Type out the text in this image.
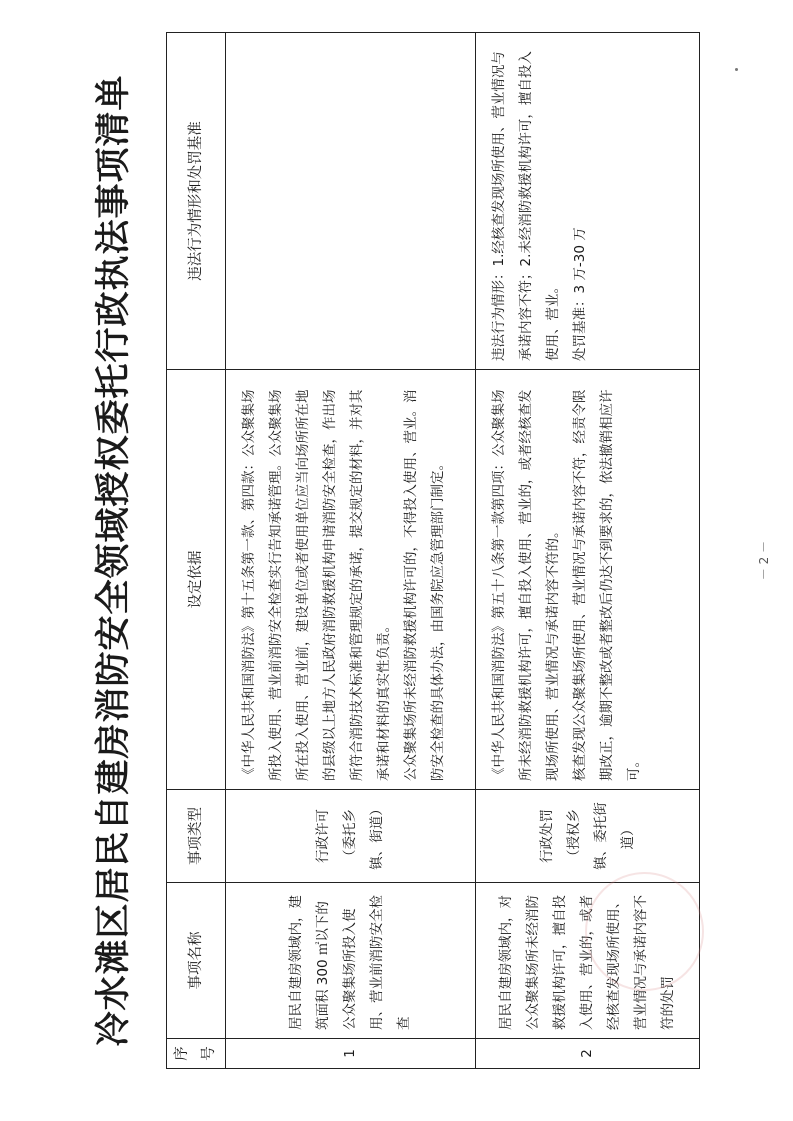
冷水滩区居民自建房消防安全领域授权委托行政执法事项清单
序号	事项名称	事项类型	设定依据	违法行为情形和处罚基准
1	居民自建房领域内，建筑面积 300 ㎡以下的公众聚集场所投入使用、营业前消防安全检查	行政许可（委托乡镇、街道）	《中华人民共和国消防法》第十五条第一款、第四款：公众聚集场所投入使用、营业前消防安全检查实行告知承诺管理。公众聚集场所在投入使用、营业前，建设单位或者使用单位应当向场所所在地的县级以上地方人民政府消防救援机构申请消防安全检查，作出场所符合消防技术标准和管理规定的承诺，提交规定的材料，并对其承诺和材料的真实性负责。
公众聚集场所未经消防救援机构许可的，不得投入使用、营业。消防安全检查的具体办法，由国务院应急管理部门制定。	
2	居民自建房领域内，对公众聚集场所未经消防救援机构许可，擅自投入使用、营业的，或者经核查发现场所使用、营业情况与承诺内容不符的处罚	行政处罚（授权乡镇、委托街道）	《中华人民共和国消防法》第五十八条第一款第四项：公众聚集场所未经消防救援机构许可，擅自投入使用、营业的，或者经核查发现场所使用、营业情况与承诺内容不符的。
核查发现公众聚集场所使用、营业情况与承诺内容不符，经责令限期改正，逾期不整改或者整改后仍达不到要求的，依法撤销相应许可。	违法行为情形：1.经核查发现场所使用、营业情况与承诺内容不符；2.未经消防救援机构许可，擅自投入使用、营业。
处罚基准：3 万-30 万
－ 2 －
